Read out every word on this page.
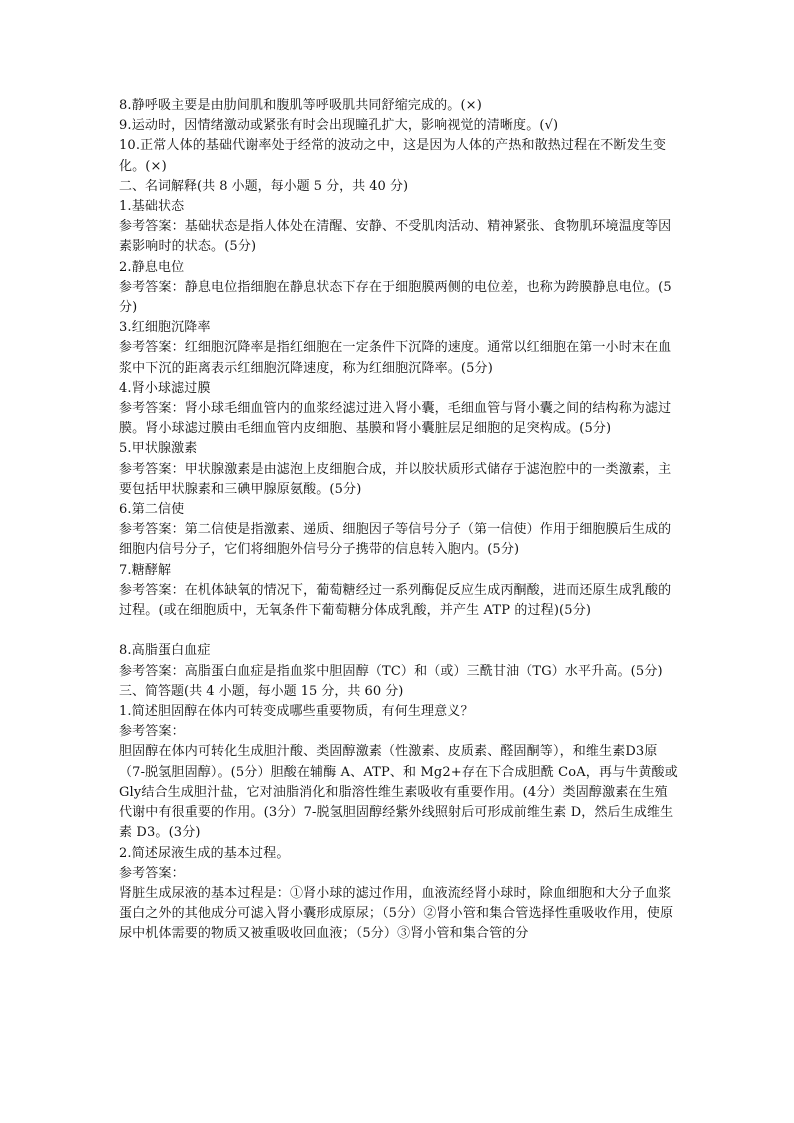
8.静呼吸主要是由肋间肌和腹肌等呼吸肌共同舒缩完成的。(×)
9.运动时，因情绪激动或紧张有时会出现瞳孔扩大，影响视觉的清晰度。(√)
10.正常人体的基础代谢率处于经常的波动之中，这是因为人体的产热和散热过程在不断发生变化。(×)
二、名词解释(共 8 小题，每小题 5 分，共 40 分)
1.基础状态
参考答案：基础状态是指人体处在清醒、安静、不受肌肉活动、精神紧张、食物肌环境温度等因素影响时的状态。(5分)
2.静息电位
参考答案：静息电位指细胞在静息状态下存在于细胞膜两侧的电位差，也称为跨膜静息电位。(5分)
3.红细胞沉降率
参考答案：红细胞沉降率是指红细胞在一定条件下沉降的速度。通常以红细胞在第一小时末在血浆中下沉的距离表示红细胞沉降速度，称为红细胞沉降率。(5分)
4.肾小球滤过膜
参考答案：肾小球毛细血管内的血浆经滤过进入肾小囊，毛细血管与肾小囊之间的结构称为滤过膜。肾小球滤过膜由毛细血管内皮细胞、基膜和肾小囊脏层足细胞的足突构成。(5分)
5.甲状腺激素
参考答案：甲状腺激素是由滤泡上皮细胞合成，并以胶状质形式储存于滤泡腔中的一类激素，主要包括甲状腺素和三碘甲腺原氨酸。(5分)
6.第二信使
参考答案：第二信使是指激素、递质、细胞因子等信号分子（第一信使）作用于细胞膜后生成的细胞内信号分子，它们将细胞外信号分子携带的信息转入胞内。(5分)
7.糖酵解
参考答案：在机体缺氧的情况下，葡萄糖经过一系列酶促反应生成丙酮酸，进而还原生成乳酸的过程。(或在细胞质中，无氧条件下葡萄糖分体成乳酸，并产生 ATP 的过程)(5分)
8.高脂蛋白血症
参考答案：高脂蛋白血症是指血浆中胆固醇（TC）和（或）三酰甘油（TG）水平升高。(5分)
三、简答题(共 4 小题，每小题 15 分，共 60 分)
1.简述胆固醇在体内可转变成哪些重要物质，有何生理意义？
参考答案：
胆固醇在体内可转化生成胆汁酸、类固醇激素（性激素、皮质素、醛固酮等），和维生素D3原（7-脱氢胆固醇）。(5分）胆酸在辅酶 A、ATP、和 Mg2+存在下合成胆酰 CoA，再与牛黄酸或Gly结合生成胆汁盐，它对油脂消化和脂溶性维生素吸收有重要作用。(4分）类固醇激素在生殖代谢中有很重要的作用。(3分）7-脱氢胆固醇经紫外线照射后可形成前维生素 D，然后生成维生素 D3。(3分)
2.简述尿液生成的基本过程。
参考答案：
肾脏生成尿液的基本过程是：①肾小球的滤过作用，血液流经肾小球时，除血细胞和大分子血浆蛋白之外的其他成分可滤入肾小囊形成原尿；（5分）②肾小管和集合管选择性重吸收作用，使原尿中机体需要的物质又被重吸收回血液；（5分）③肾小管和集合管的分
